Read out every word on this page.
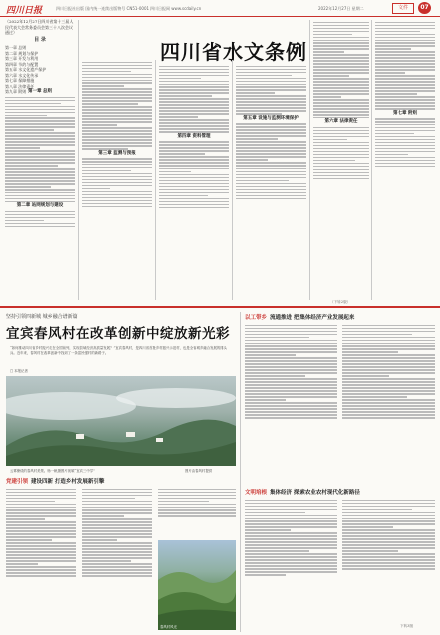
四川日报	四川日报社出版 国内统一连续出版物号 CN51-0001 四川日报网 www.scdaily.cn	2022年12月27日 星期二	文件	07
（2022年12月27日四川省第十三届人民代表大会常务委员会第三十八次会议通过）
目 录
第一章 总则
第二章 规划与保护
第三章 开发与利用
第四章 节约与配置
第五章 水文化遗产保护
第六章 水文化传承
第七章 保障措施
第八章 法律责任
第九章 附则
四川省水文条例
第一章 总则
第二章 站网规划与建设
第三章 监测与预报
第四章 资料管理
第五章 设施与监测环境保护
第六章 法律责任
第七章 附则
（下转2版）
坚持引领四新城 城乡融合谱新篇
宜宾春风村在改革创新中绽放新光彩
“如何推动四川省乡村振兴走在全国前列，实现县域经济高质量发展？”宜宾春风村，是四川省首批乡村振兴示范村，也是全省城乡融合发展的排头兵。近年来，春风村在改革创新中找到了一条富民强村的新路子。
□ 本报记者
云雾缭绕的春风村美景。杨一帆摄图片视频“宜宾三中学”	图片由春风村提供
党建引领 建设四新 打造乡村发展新引擎
春风村风光
以工带乡 流通推进 把集体经济产业发展起来
文明培根 集体经济 探索农业农村现代化新路径
下转3版
